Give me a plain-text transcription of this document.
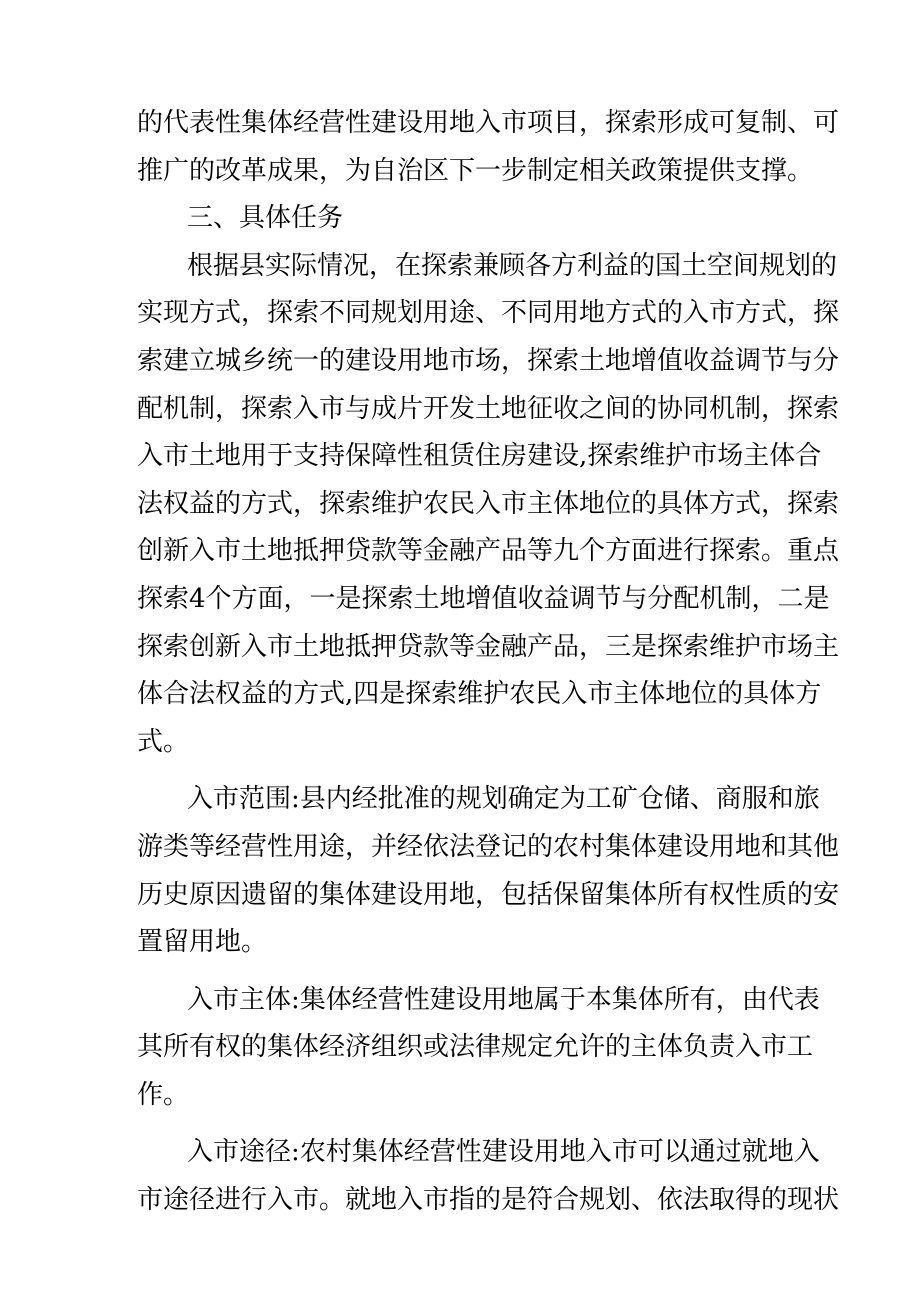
的代表性集体经营性建设用地入市项目，探索形成可复制、可
推广的改革成果，为自治区下一步制定相关政策提供支撑。
三、具体任务
根据县实际情况，在探索兼顾各方利益的国土空间规划的
实现方式，探索不同规划用途、不同用地方式的入市方式，探
索建立城乡统一的建设用地市场，探索土地增值收益调节与分
配机制，探索入市与成片开发土地征收之间的协同机制，探索
入市土地用于支持保障性租赁住房建设,探索维护市场主体合
法权益的方式，探索维护农民入市主体地位的具体方式，探索
创新入市土地抵押贷款等金融产品等九个方面进行探索。重点
探索4个方面，一是探索土地增值收益调节与分配机制，二是
探索创新入市土地抵押贷款等金融产品，三是探索维护市场主
体合法权益的方式,四是探索维护农民入市主体地位的具体方
式。
入市范围:县内经批准的规划确定为工矿仓储、商服和旅
游类等经营性用途，并经依法登记的农村集体建设用地和其他
历史原因遗留的集体建设用地，包括保留集体所有权性质的安
置留用地。
入市主体:集体经营性建设用地属于本集体所有，由代表
其所有权的集体经济组织或法律规定允许的主体负责入市工
作。
入市途径:农村集体经营性建设用地入市可以通过就地入
市途径进行入市。就地入市指的是符合规划、依法取得的现状
